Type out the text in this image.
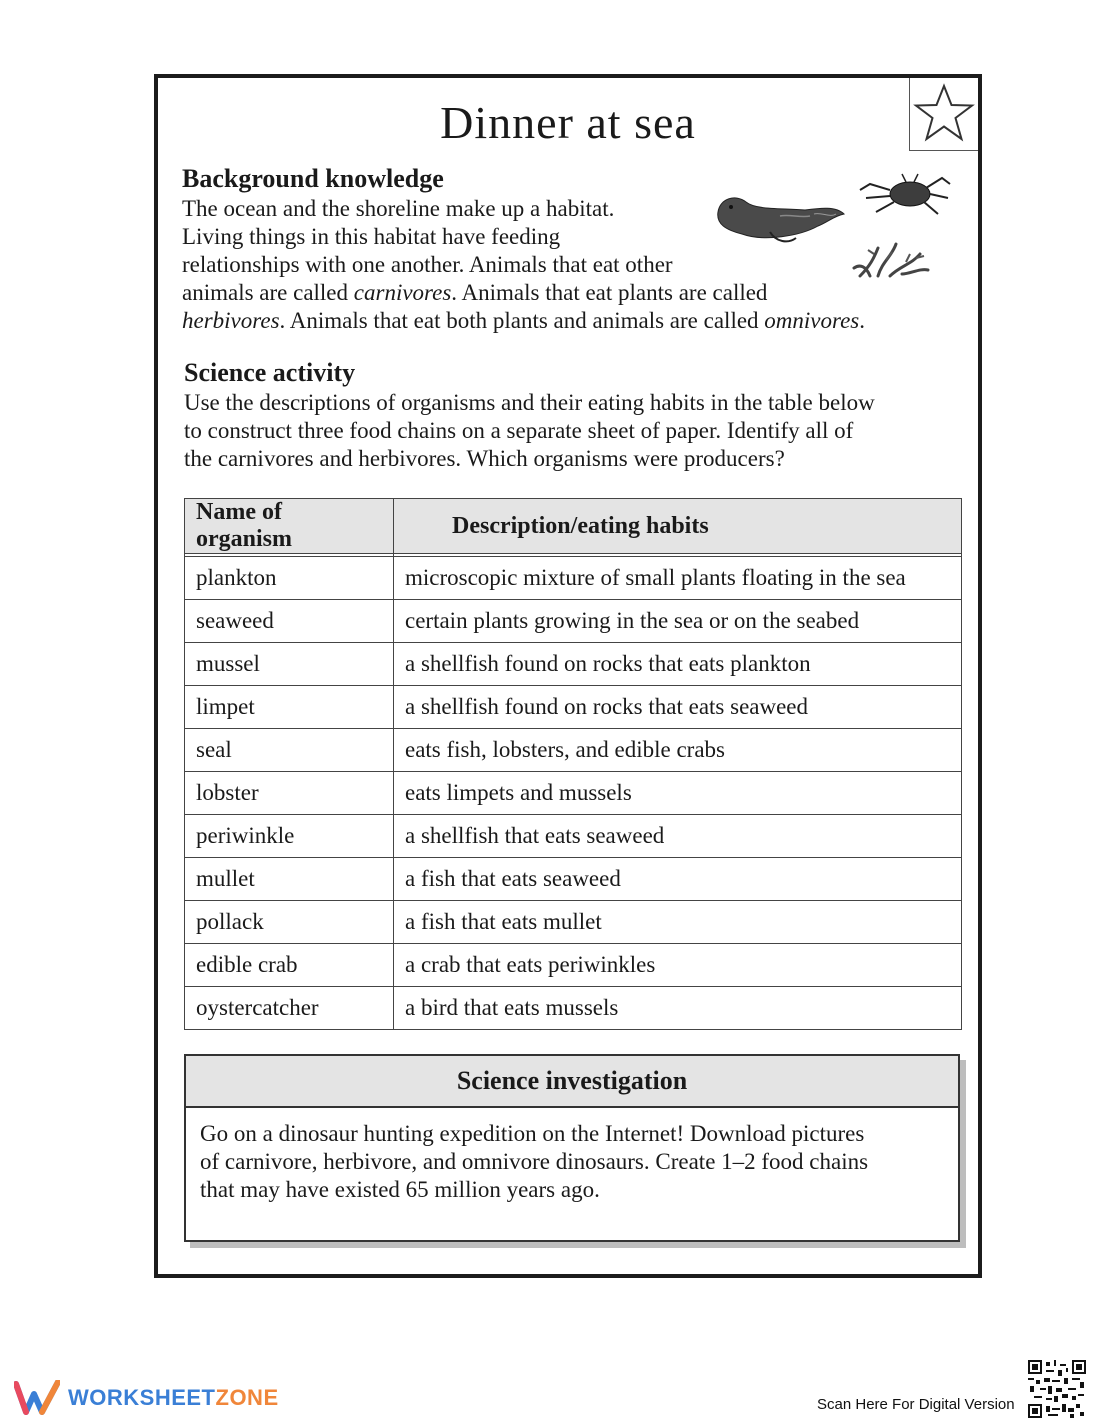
Dinner at sea
Background knowledge
The ocean and the shoreline make up a habitat.
Living things in this habitat have feeding
relationships with one another. Animals that eat other
animals are called carnivores. Animals that eat plants are called
herbivores. Animals that eat both plants and animals are called omnivores.
Science activity
Use the descriptions of organisms and their eating habits in the table below
to construct three food chains on a separate sheet of paper. Identify all of
the carnivores and herbivores. Which organisms were producers?
Name of organism	Description/eating habits

plankton	microscopic mixture of small plants floating in the sea
seaweed	certain plants growing in the sea or on the seabed
mussel	a shellfish found on rocks that eats plankton
limpet	a shellfish found on rocks that eats seaweed
seal	eats fish, lobsters, and edible crabs
lobster	eats limpets and mussels
periwinkle	a shellfish that eats seaweed
mullet	a fish that eats seaweed
pollack	a fish that eats mullet
edible crab	a crab that eats periwinkles
oystercatcher	a bird that eats mussels
Science investigation
Go on a dinosaur hunting expedition on the Internet! Download pictures
of carnivore, herbivore, and omnivore dinosaurs. Create 1–2 food chains
that may have existed 65 million years ago.
WORKSHEETZONE	Scan Here For Digital Version
